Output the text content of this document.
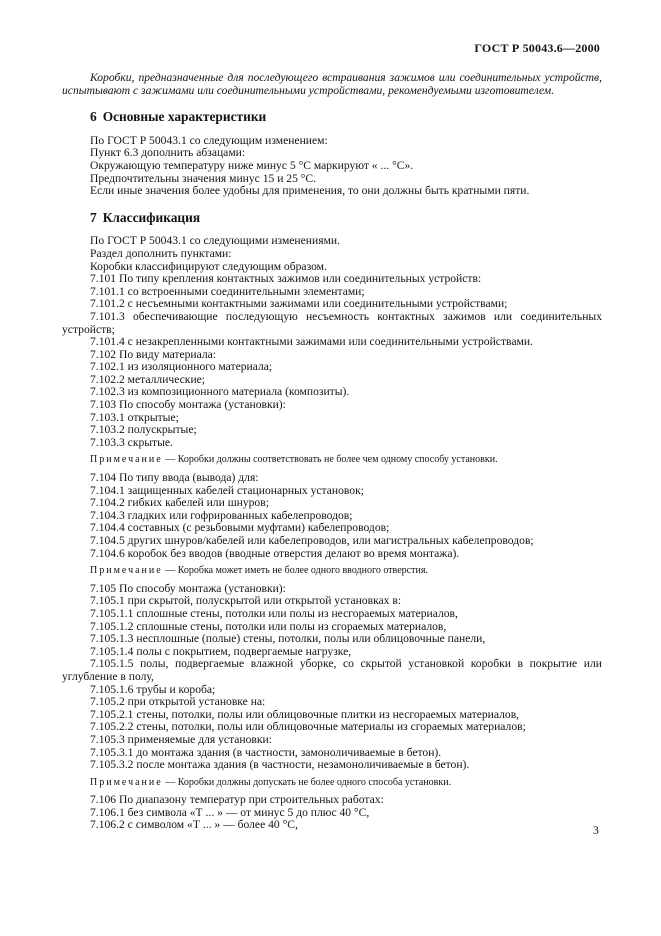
ГОСТ Р 50043.6—2000
Коробки, предназначенные для последующего встраивания зажимов или соединительных устройств, испытывают с зажимами или соединительными устройствами, рекомендуемыми изготовителем.
6 Основные характеристики
По ГОСТ Р 50043.1 со следующим изменением:
Пункт 6.3 дополнить абзацами:
Окружающую температуру ниже минус 5 °С маркируют « ... °С».
Предпочтительны значения минус 15 и 25 °С.
Если иные значения более удобны для применения, то они должны быть кратными пяти.
7 Классификация
По ГОСТ Р 50043.1 со следующими изменениями.
Раздел дополнить пунктами:
Коробки классифицируют следующим образом.
7.101 По типу крепления контактных зажимов или соединительных устройств:
7.101.1 со встроенными соединительными элементами;
7.101.2 с несъемными контактными зажимами или соединительными устройствами;
7.101.3 обеспечивающие последующую несъемность контактных зажимов или соединительных устройств;
7.101.4 с незакрепленными контактными зажимами или соединительными устройствами.
7.102 По виду материала:
7.102.1 из изоляционного материала;
7.102.2 металлические;
7.102.3 из композиционного материала (композиты).
7.103 По способу монтажа (установки):
7.103.1 открытые;
7.103.2 полускрытые;
7.103.3 скрытые.
Примечание — Коробки должны соответствовать не более чем одному способу установки.
7.104 По типу ввода (вывода) для:
7.104.1 защищенных кабелей стационарных установок;
7.104.2 гибких кабелей или шнуров;
7.104.3 гладких или гофрированных кабелепроводов;
7.104.4 составных (с резьбовыми муфтами) кабелепроводов;
7.104.5 других шнуров/кабелей или кабелепроводов, или магистральных кабелепроводов;
7.104.6 коробок без вводов (вводные отверстия делают во время монтажа).
Примечание — Коробка может иметь не более одного вводного отверстия.
7.105 По способу монтажа (установки):
7.105.1 при скрытой, полускрытой или открытой установках в:
7.105.1.1 сплошные стены, потолки или полы из несгораемых материалов,
7.105.1.2 сплошные стены, потолки или полы из сгораемых материалов,
7.105.1.3 несплошные (полые) стены, потолки, полы или облицовочные панели,
7.105.1.4 полы с покрытием, подвергаемые нагрузке,
7.105.1.5 полы, подвергаемые влажной уборке, со скрытой установкой коробки в покрытие или углубление в полу,
7.105.1.6 трубы и короба;
7.105.2 при открытой установке на:
7.105.2.1 стены, потолки, полы или облицовочные плитки из несгораемых материалов,
7.105.2.2 стены, потолки, полы или облицовочные материалы из сгораемых материалов;
7.105.3 применяемые для установки:
7.105.3.1 до монтажа здания (в частности, замоноличиваемые в бетон).
7.105.3.2 после монтажа здания (в частности, незамоноличиваемые в бетон).
Примечание — Коробки должны допускать не более одного способа установки.
7.106 По диапазону температур при строительных работах:
7.106.1 без символа «Т ... » — от минус 5 до плюс 40 °С,
7.106.2 с символом «Т ... » — более 40 °С,	3
